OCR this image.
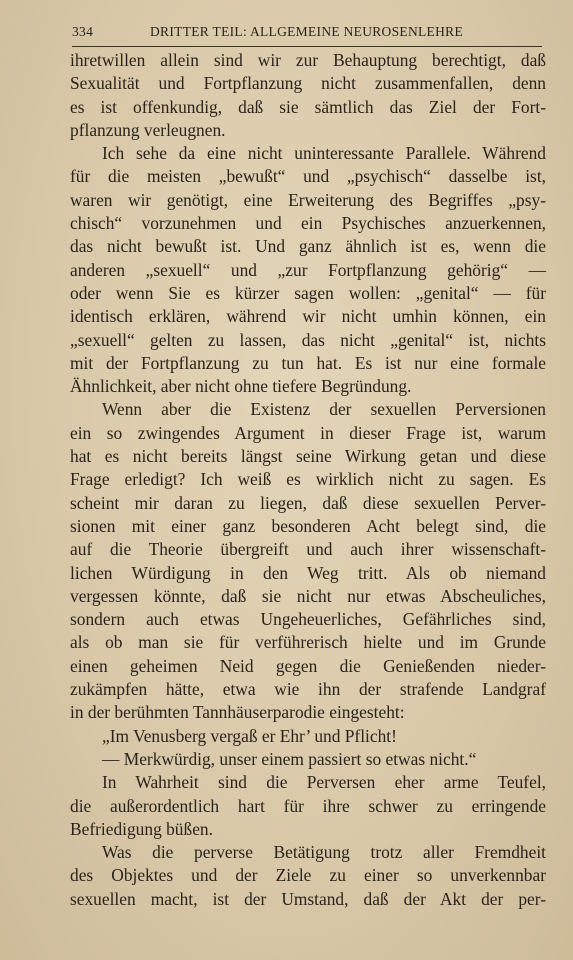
334	DRITTER TEIL: ALLGEMEINE NEUROSENLEHRE
ihretwillen allein sind wir zur Behauptung berechtigt, daß
Sexualität und Fortpflanzung nicht zusammenfallen, denn
es ist offenkundig, daß sie sämtlich das Ziel der Fort-
pflanzung verleugnen.
Ich sehe da eine nicht uninteressante Parallele. Während
für die meisten „bewußt“ und „psychisch“ dasselbe ist,
waren wir genötigt, eine Erweiterung des Begriffes „psy-
chisch“ vorzunehmen und ein Psychisches anzuerkennen,
das nicht bewußt ist. Und ganz ähnlich ist es, wenn die
anderen „sexuell“ und „zur Fortpflanzung gehörig“ —
oder wenn Sie es kürzer sagen wollen: „genital“ — für
identisch erklären, während wir nicht umhin können, ein
„sexuell“ gelten zu lassen, das nicht „genital“ ist, nichts
mit der Fortpflanzung zu tun hat. Es ist nur eine formale
Ähnlichkeit, aber nicht ohne tiefere Begründung.
Wenn aber die Existenz der sexuellen Perversionen
ein so zwingendes Argument in dieser Frage ist, warum
hat es nicht bereits längst seine Wirkung getan und diese
Frage erledigt? Ich weiß es wirklich nicht zu sagen. Es
scheint mir daran zu liegen, daß diese sexuellen Perver-
sionen mit einer ganz besonderen Acht belegt sind, die
auf die Theorie übergreift und auch ihrer wissenschaft-
lichen Würdigung in den Weg tritt. Als ob niemand
vergessen könnte, daß sie nicht nur etwas Abscheuliches,
sondern auch etwas Ungeheuerliches, Gefährliches sind,
als ob man sie für verführerisch hielte und im Grunde
einen geheimen Neid gegen die Genießenden nieder-
zukämpfen hätte, etwa wie ihn der strafende Landgraf
in der berühmten Tannhäuserparodie eingesteht:
„Im Venusberg vergaß er Ehr’ und Pflicht!
— Merkwürdig, unser einem passiert so etwas nicht.“
In Wahrheit sind die Perversen eher arme Teufel,
die außerordentlich hart für ihre schwer zu erringende
Befriedigung büßen.
Was die perverse Betätigung trotz aller Fremdheit
des Objektes und der Ziele zu einer so unverkennbar
sexuellen macht, ist der Umstand, daß der Akt der per-
